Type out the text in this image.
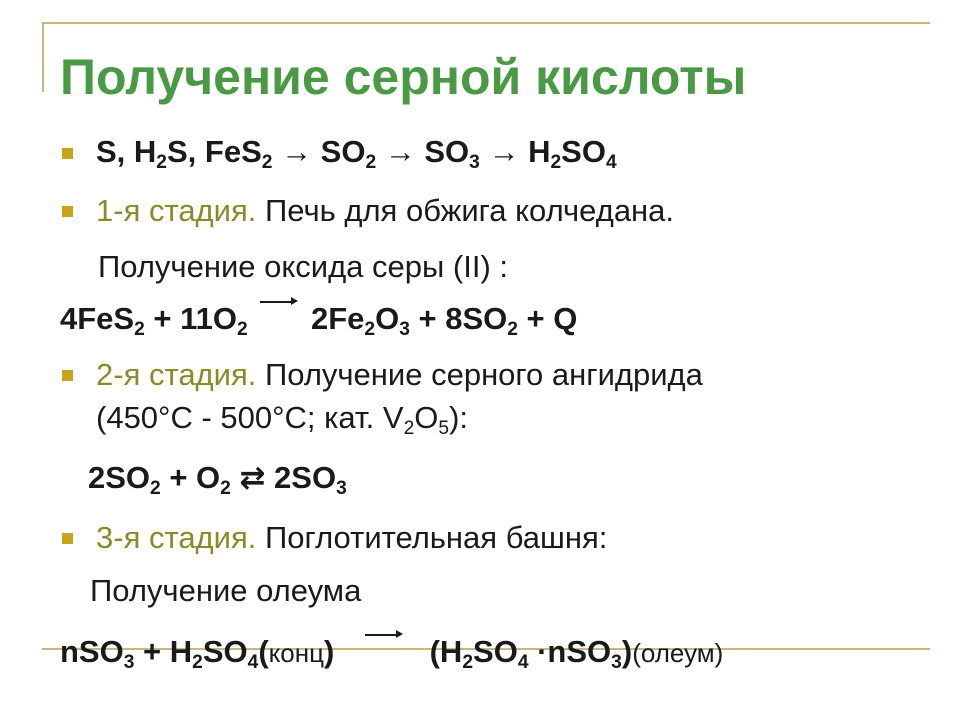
Получение серной кислоты
S, $H_2S$, $FeS_2 \to SO_2 \to SO_3 \to H_2SO_4$
1-я стадия. Печь для обжига колчедана.
Получение оксида серы (II) :
$4FeS_2 + 11O_2$ $2Fe_2O_3 + 8SO_2 + Q$
2-я стадия. Получение серного ангидрида
(450°С - 500°С; кат. $V_2O_5$):
$2SO_2 + O_2$ ⇄ $2SO_3$
3-я стадия. Поглотительная башня:
Получение олеума
$nSO_3 + H_2SO_4(конц)$	($H_2SO_4$ ·nSO$_3$)(олеум)
